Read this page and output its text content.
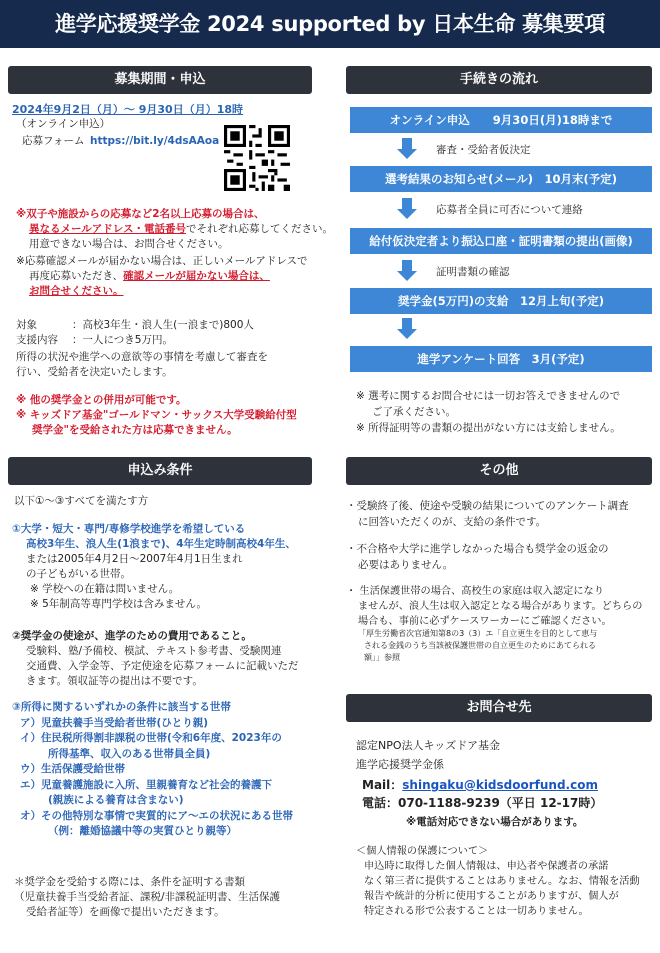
進学応援奨学金 2024 supported by 日本生命 募集要項
募集期間・申込
2024年9月2日（月）～ 9月30日（月）18時
（オンライン申込）
応募フォーム https://bit.ly/4dsAAoa
※双子や施設からの応募など2名以上応募の場合は、
異なるメールアドレス・電話番号でそれぞれ応募してください。
用意できない場合は、お問合せください。
※応募確認メールが届かない場合は、正しいメールアドレスで
再度応募いただき、確認メールが届かない場合は、
お問合せください。
対象	：高校3年生・浪人生(一浪まで)800人
支援内容 ：一人につき5万円。
所得の状況や進学への意欲等の事情を考慮して審査を
行い、受給者を決定いたします。
※ 他の奨学金との併用が可能です。
※ キッズドア基金"ゴールドマン・サックス大学受験給付型
奨学金"を受給された方は応募できません。
申込み条件
以下①～③すべてを満たす方
①大学・短大・専門/専修学校進学を希望している
高校3年生、浪人生(1浪まで)、4年生定時制高校4年生、
または2005年4月2日～2007年4月1日生まれ
の子どもがいる世帯。
※ 学校への在籍は問いません。
※ 5年制高等専門学校は含みません。
②奨学金の使途が、進学のための費用であること。
受験料、塾/予備校、模試、テキスト参考書、受験関連
交通費、入学金等、予定使途を応募フォームに記載いただ
きます。領収証等の提出は不要です。
③所得に関するいずれかの条件に該当する世帯
ア）児童扶養手当受給者世帯(ひとり親)
イ）住民税所得割非課税の世帯(令和6年度、2023年の
所得基準、収入のある世帯員全員)
ウ）生活保護受給世帯
エ）児童養護施設に入所、里親養育など社会的養護下
(親族による養育は含まない)
オ）その他特別な事情で実質的にア～エの状況にある世帯
（例：離婚協議中等の実質ひとり親等）
＊奨学金を受給する際には、条件を証明する書類
（児童扶養手当受給者証、課税/非課税証明書、生活保護
受給者証等）を画像で提出いただきます。
手続きの流れ
オンライン申込　　9月30日(月)18時まで
審査・受給者仮決定
選考結果のお知らせ(メール)　10月末(予定)
応募者全員に可否について連絡
給付仮決定者より振込口座・証明書類の提出(画像)
証明書類の確認
奨学金(5万円)の支給　12月上旬(予定)
進学アンケート回答　3月(予定)
※ 選考に関するお問合せには一切お答えできませんので
ご了承ください。
※ 所得証明等の書類の提出がない方には支給しません。
その他
・受験終了後、使途や受験の結果についてのアンケート調査
に回答いただくのが、支給の条件です。
・不合格や大学に進学しなかった場合も奨学金の返金の
必要はありません。
・ 生活保護世帯の場合、高校生の家庭は収入認定になり
ませんが、浪人生は収入認定となる場合があります。どちらの
場合も、事前に必ずケースワーカーにご確認ください。
「厚生労働省次官通知第8の3（3）エ「自立更生を目的として恵与
される金銭のうち当該被保護世帯の自立更生のためにあてられる
額」」参照
お問合せ先
認定NPO法人キッズドア基金
進学応援奨学金係
Mail：shingaku@kidsdoorfund.com
電話：070-1188-9239（平日 12-17時）
※電話対応できない場合があります。
＜個人情報の保護について＞
申込時に取得した個人情報は、申込者や保護者の承諾
なく第三者に提供することはありません。なお、情報を活動
報告や統計的分析に使用することがありますが、個人が
特定される形で公表することは一切ありません。
